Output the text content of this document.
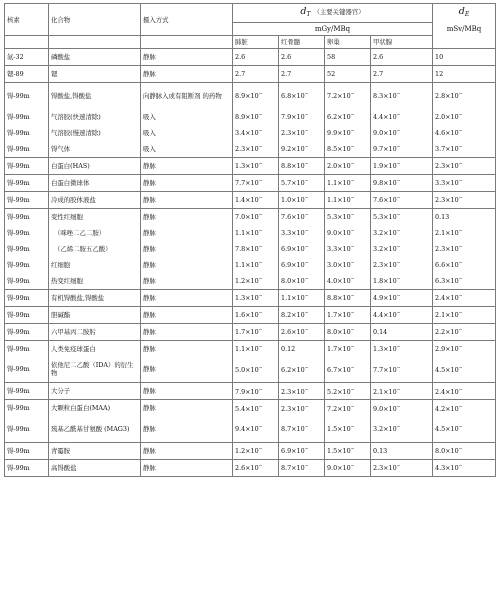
核素	化合物	摄入方式	$d_T$ （主要关键器官）				$d_E$
			mGy/MBq				mSv/MBq
			肺脏	红骨髓	卵巢	甲状腺	
氙-32	磷酸盐	静脉	2.6	2.6	58	2.6	10
锶-89	锶	静脉	2.7	2.7	52	2.7	12
锝-99m	锝酸盐,锝酸盐	向静脉入或有阻断剂 的药物	8.9×10−	6.8×10−	7.2×10−	8.3×10−	2.8×10−
锝-99m	气溶胶(快速清除)	吸入	8.9×10−	7.9×10−	6.2×10−	4.4×10−	2.0×10−
锝-99m	气溶胶(慢速清除)	吸入	3.4×10−	2.3×10−	9.9×10−	9.0×10−	4.6×10−
锝-99m	锝气体	吸入	2.3×10−	9.2×10−	8.5×10−	9.7×10−	3.7×10−
锝-99m	白蛋白(HAS)	静脉	1.3×10−	8.8×10−	2.0×10−	1.9×10−	2.3×10−
锝-99m	白蛋白微球体	静脉	7.7×10−	5.7×10−	1.1×10−	9.8×10−	3.3×10−
锝-99m	冷成的胶体液盐	静脉	1.4×10−	1.0×10−	1.1×10−	7.6×10−	2.3×10−
锝-99m	变性红细胞	静脉	7.0×10−	7.6×10−	5.3×10−	5.3×10−	0.13
锝-99m	（咪唑二乙二胺）	静脉	1.1×10−	3.3×10−	9.0×10−	3.2×10−	2.1×10−
锝-99m	（乙烯二胺五乙酸）	静脉	7.8×10−	6.9×10−	3.3×10−	3.2×10−	2.3×10−
锝-99m	红细胞	静脉	1.1×10−	6.9×10−	3.0×10−	2.3×10−	6.6×10−
锝-99m	热变红细胞	静脉	1.2×10−	8.0×10−	4.0×10−	1.8×10−	6.3×10−
锝-99m	有机锝酸盐,锝酸盐	静脉	1.3×10−	1.1×10−	8.8×10−	4.9×10−	2.4×10−
锝-99m	胆碱酯	静脉	1.6×10−	8.2×10−	1.7×10−	4.4×10−	2.1×10−
锝-99m	六甲基丙二胺肟	静脉	1.7×10−	2.6×10−	8.0×10−	0.14	2.2×10−
锝-99m	人类免疫球蛋白	静脉	1.1×10−	0.12	1.7×10−	1.3×10−	2.9×10−
锝-99m	依他尼二乙酸（IDA）的衍生物	静脉	5.0×10−	6.2×10−	6.7×10−	7.7×10−	4.5×10−
锝-99m	大分子	静脉	7.9×10−	2.3×10−	5.2×10−	2.1×10−	2.4×10−
锝-99m	大颗粒白蛋白(MAA)	静脉	5.4×10−	2.3×10−	7.2×10−	9.0×10−	4.2×10−
锝-99m	巯基乙酰基甘氨酸 (MAG3)	静脉	9.4×10−	8.7×10−	1.5×10−	3.2×10−	4.5×10−
锝-99m	青霉胺	静脉	1.2×10−	6.9×10−	1.5×10−	0.13	8.0×10−
锝-99m	高锝酸盐	静脉	2.6×10−	8.7×10−	9.0×10−	2.3×10−	4.3×10−
